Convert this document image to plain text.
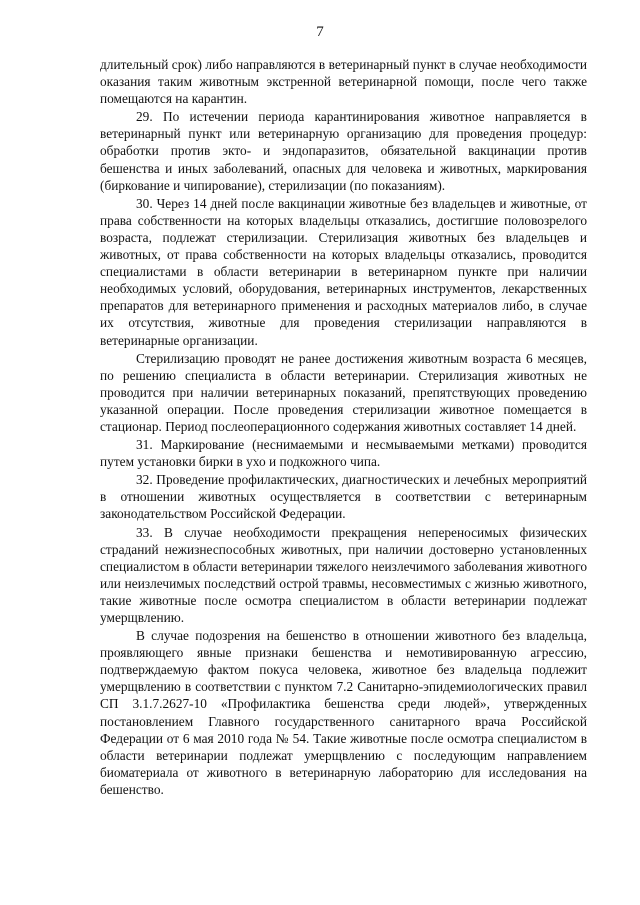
7

длительный срок) либо направляются в ветеринарный пункт в случае необходимости оказания таким животным экстренной ветеринарной помощи, после чего также помещаются на карантин.

29. По истечении периода карантинирования животное направляется в ветеринарный пункт или ветеринарную организацию для проведения процедур: обработки против экто- и эндопаразитов, обязательной вакцинации против бешенства и иных заболеваний, опасных для человека и животных, маркирования (биркование и чипирование), стерилизации (по показаниям).

30. Через 14 дней после вакцинации животные без владельцев и животные, от права собственности на которых владельцы отказались, достигшие половозрелого возраста, подлежат стерилизации. Стерилизация животных без владельцев и животных, от права собственности на которых владельцы отказались, проводится специалистами в области ветеринарии в ветеринарном пункте при наличии необходимых условий, оборудования, ветеринарных инструментов, лекарственных препаратов для ветеринарного применения и расходных материалов либо, в случае их отсутствия, животные для проведения стерилизации направляются в ветеринарные организации.

Стерилизацию проводят не ранее достижения животным возраста 6 месяцев, по решению специалиста в области ветеринарии. Стерилизация животных не проводится при наличии ветеринарных показаний, препятствующих проведению указанной операции. После проведения стерилизации животное помещается в стационар. Период послеоперационного содержания животных составляет 14 дней.

31. Маркирование (неснимаемыми и несмываемыми метками) проводится путем установки бирки в ухо и подкожного чипа.

32. Проведение профилактических, диагностических и лечебных мероприятий в отношении животных осуществляется в соответствии с ветеринарным законодательством Российской Федерации.

33. В случае необходимости прекращения непереносимых физических страданий нежизнеспособных животных, при наличии достоверно установленных специалистом в области ветеринарии тяжелого неизлечимого заболевания животного или неизлечимых последствий острой травмы, несовместимых с жизнью животного, такие животные после осмотра специалистом в области ветеринарии подлежат умерщвлению.

В случае подозрения на бешенство в отношении животного без владельца, проявляющего явные признаки бешенства и немотивированную агрессию, подтверждаемую фактом покуса человека, животное без владельца подлежит умерщвлению в соответствии с пунктом 7.2 Санитарно-эпидемиологических правил СП 3.1.7.2627-10 «Профилактика бешенства среди людей», утвержденных постановлением Главного государственного санитарного врача Российской Федерации от 6 мая 2010 года № 54. Такие животные после осмотра специалистом в области ветеринарии подлежат умерщвлению с последующим направлением биоматериала от животного в ветеринарную лабораторию для исследования на бешенство.
